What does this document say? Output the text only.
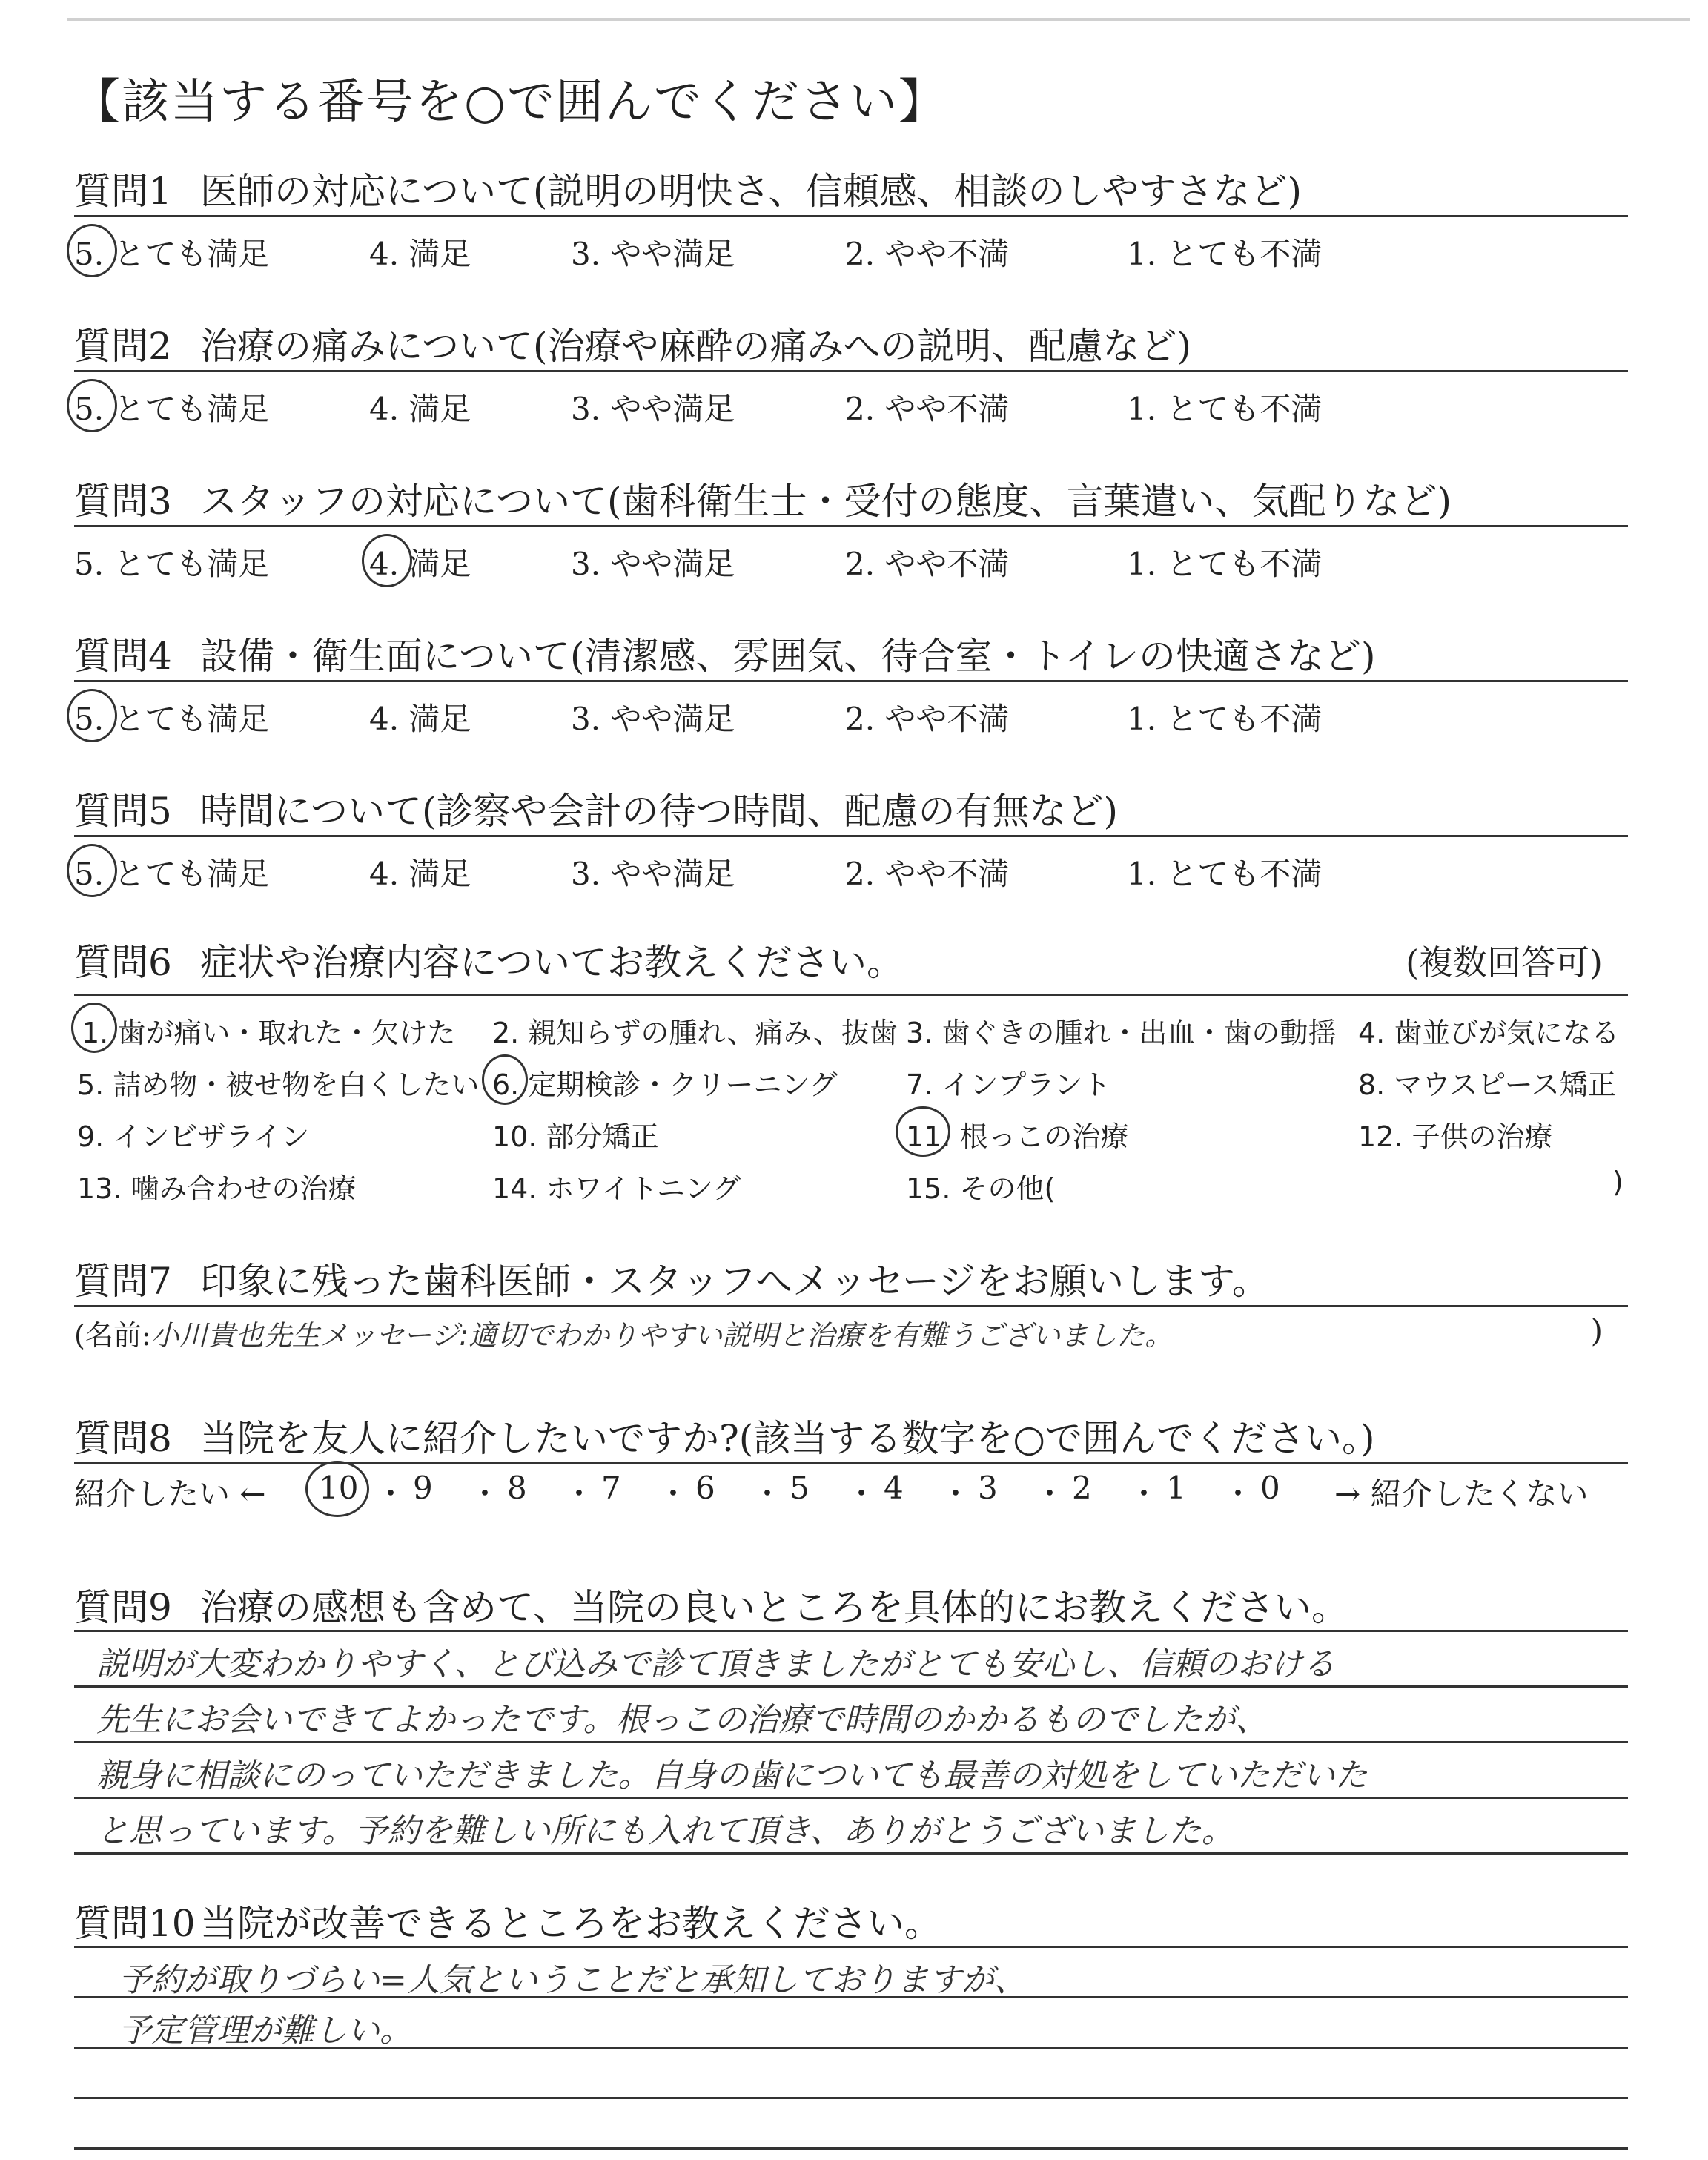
【該当する番号を○で囲んでください】
質問1 医師の対応について(説明の明快さ、信頼感、相談のしやすさなど)
5. とても満足	4. 満足	3. やや満足	2. やや不満	1. とても不満
質問2 治療の痛みについて(治療や麻酔の痛みへの説明、配慮など)
5. とても満足	4. 満足	3. やや満足	2. やや不満	1. とても不満
質問3 スタッフの対応について(歯科衛生士・受付の態度、言葉遣い、気配りなど)
5. とても満足	4. 満足	3. やや満足	2. やや不満	1. とても不満
質問4 設備・衛生面について(清潔感、雰囲気、待合室・トイレの快適さなど)
5. とても満足	4. 満足	3. やや満足	2. やや不満	1. とても不満
質問5 時間について(診察や会計の待つ時間、配慮の有無など)
5. とても満足	4. 満足	3. やや満足	2. やや不満	1. とても不満
質問6 症状や治療内容についてお教えください。	(複数回答可)
1. 歯が痛い・取れた・欠けた 2. 親知らずの腫れ、痛み、抜歯 3. 歯ぐきの腫れ・出血・歯の動揺 4. 歯並びが気になる
5. 詰め物・被せ物を白くしたい 6. 定期検診・クリーニング 7. インプラント	8. マウスピース矯正
9. インビザライン	10. 部分矯正	11. 根っこの治療	12. 子供の治療
13. 噛み合わせの治療	14. ホワイトニング	15. その他(	)
質問7 印象に残った歯科医師・スタッフへメッセージをお願いします。
(名前:小川貴也先生メッセージ:適切でわかりやすい説明と治療を有難うございました。	)
質問8 当院を友人に紹介したいですか?(該当する数字を○で囲んでください。)
紹介したい ← 10 ・ 9 ・ 8 ・ 7 ・ 6 ・ 5 ・ 4 ・ 3 ・ 2 ・ 1 ・ 0 → 紹介したくない
質問9 治療の感想も含めて、当院の良いところを具体的にお教えください。
説明が大変わかりやすく、とび込みで診て頂きましたがとても安心し、信頼のおける
先生にお会いできてよかったです。根っこの治療で時間のかかるものでしたが、
親身に相談にのっていただきました。自身の歯についても最善の対処をしていただいた
と思っています。予約を難しい所にも入れて頂き、ありがとうございました。
質問10 当院が改善できるところをお教えください。
予約が取りづらい=人気ということだと承知しておりますが、
予定管理が難しい。
